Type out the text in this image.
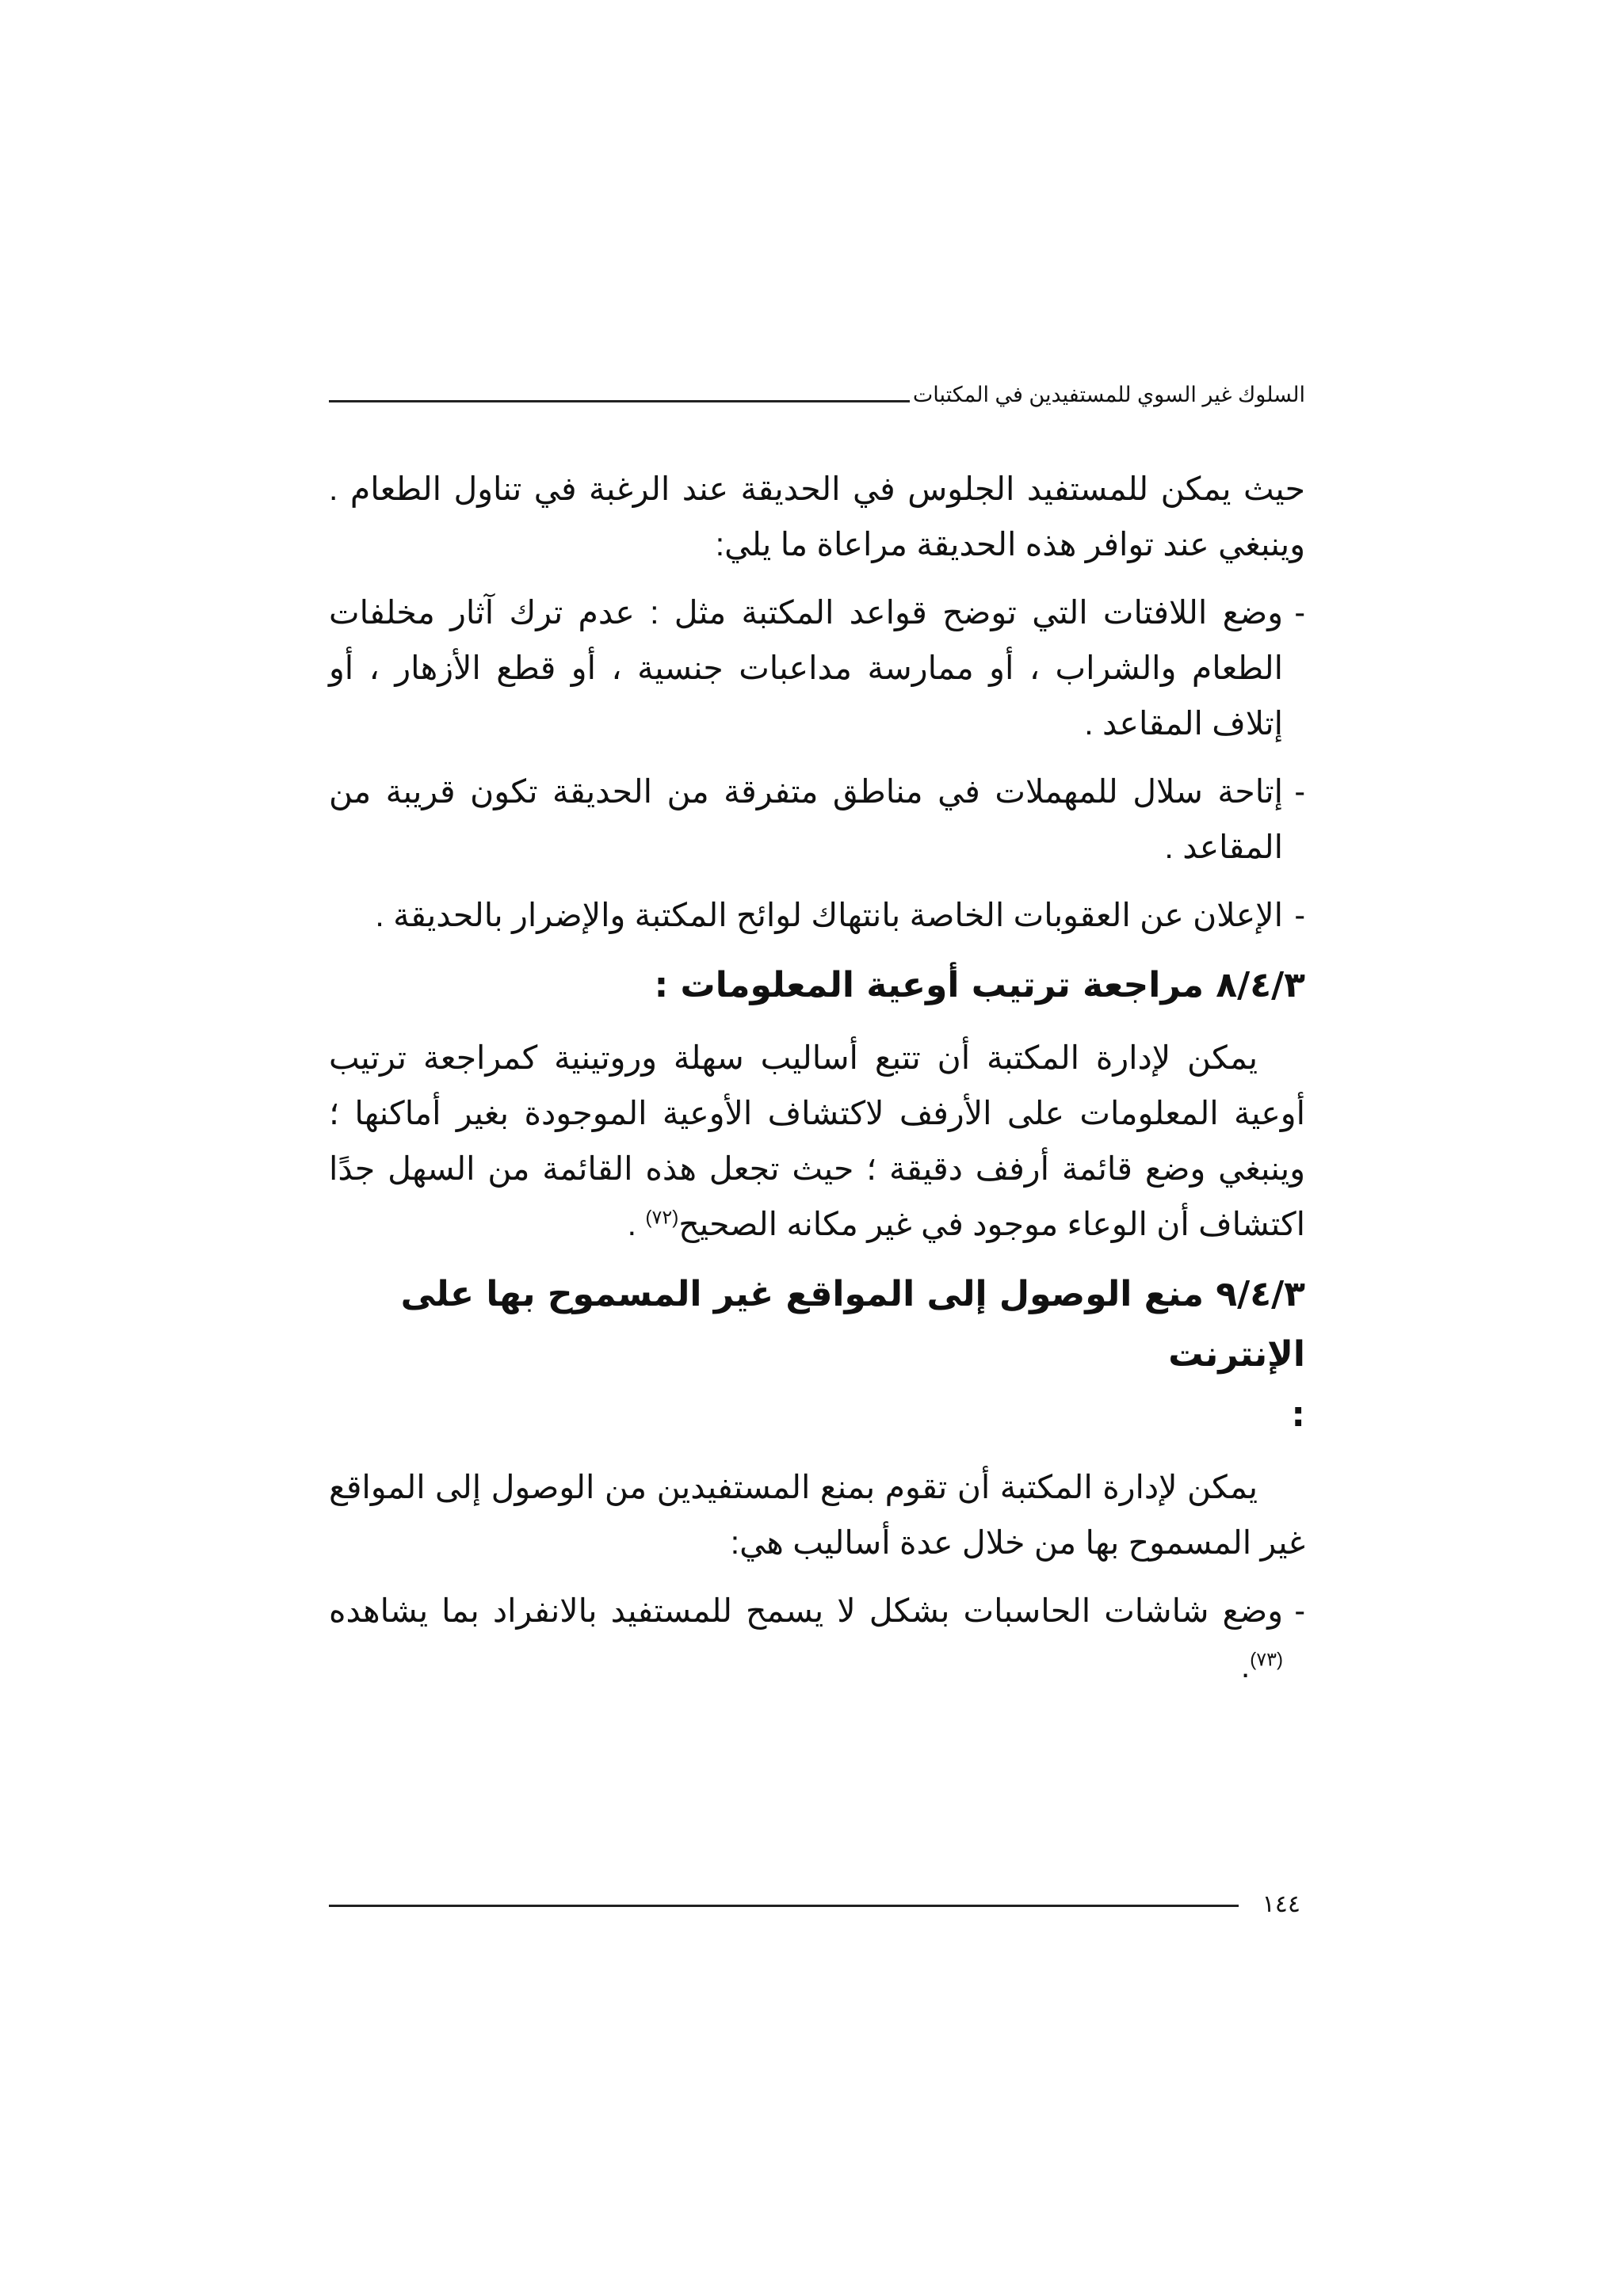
السلوك غير السوي للمستفيدين في المكتبات

حيث يمكن للمستفيد الجلوس في الحديقة عند الرغبة في تناول الطعام . وينبغي عند توافر هذه الحديقة مراعاة ما يلي:

-
وضع اللافتات التي توضح قواعد المكتبة مثل : عدم ترك آثار مخلفات الطعام والشراب ، أو ممارسة مداعبات جنسية ، أو قطع الأزهار ، أو إتلاف المقاعد .
-
إتاحة سلال للمهملات في مناطق متفرقة من الحديقة تكون قريبة من المقاعد .
-
الإعلان عن العقوبات الخاصة بانتهاك لوائح المكتبة والإضرار بالحديقة .
٨/٤/٣ مراجعة ترتيب أوعية المعلومات :

يمكن لإدارة المكتبة أن تتبع أساليب سهلة وروتينية كمراجعة ترتيب أوعية المعلومات على الأرفف لاكتشاف الأوعية الموجودة بغير أماكنها ؛ وينبغي وضع قائمة أرفف دقيقة ؛ حيث تجعل هذه القائمة من السهل جدًا اكتشاف أن الوعاء موجود في غير مكانه الصحيح$^{(٧٢)}$ .

٩/٤/٣ منع الوصول إلى المواقع غير المسموح بها على الإنترنت
:

يمكن لإدارة المكتبة أن تقوم بمنع المستفيدين من الوصول إلى المواقع غير المسموح بها من خلال عدة أساليب هي:

-
وضع شاشات الحاسبات بشكل لا يسمح للمستفيد بالانفراد بما يشاهده $^{(٧٣)}$.
١٤٤
